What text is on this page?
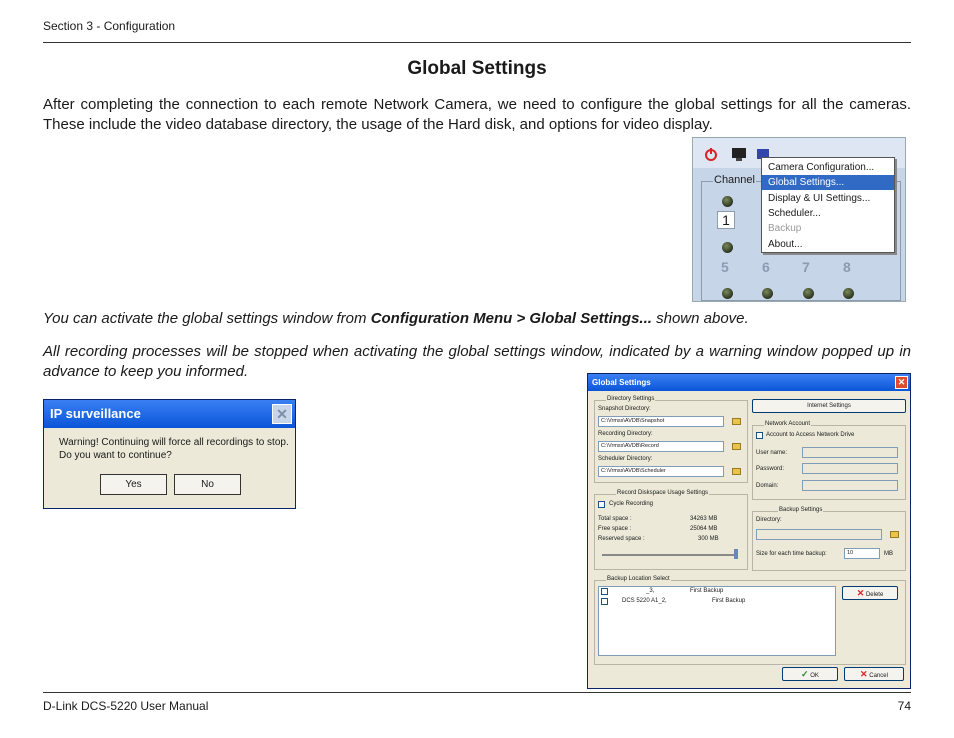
Section 3 - Configuration
Global Settings
After completing the connection to each remote Network Camera, we need to configure the global settings for all the cameras. These include the video database directory, the usage of the Hard disk, and options for video display.
Channel
1
5 6 7 8
Camera Configuration...
Global Settings...
Display & UI Settings...
Scheduler...
Backup
About...
You can activate the global settings window from Configuration Menu > Global Settings... shown above.
All recording processes will be stopped when activating the global settings window, indicated by a warning window popped up in advance to keep you informed.
IP surveillance	✕
Warning! Continuing will force all recordings to stop.
Do you want to continue?
Yes	No
Global Settings	✕
Directory Settings
Snapshot Directory:
C:\Vrmss\AVDB\Snapshot
Recording Directory:
C:\Vrmss\AVDB\Record
Scheduler Directory:
C:\Vrmss\AVDB\Scheduler
Record Diskspace Usage Settings
Cycle Recording
Total space :	34263 MB
Free space :	25064 MB
Reserved space :	300 MB
Internet Settings
Network Account
Account to Access Network Drive
User name:
Password:
Domain:
Backup Settings
Directory:
Size for each time backup:	10	MB
Backup Location Select
_3,	First Backup
DCS 5220 A1_2,	First Backup
✕ Delete
✓ OK	✕ Cancel
D-Link DCS-5220 User Manual	74
